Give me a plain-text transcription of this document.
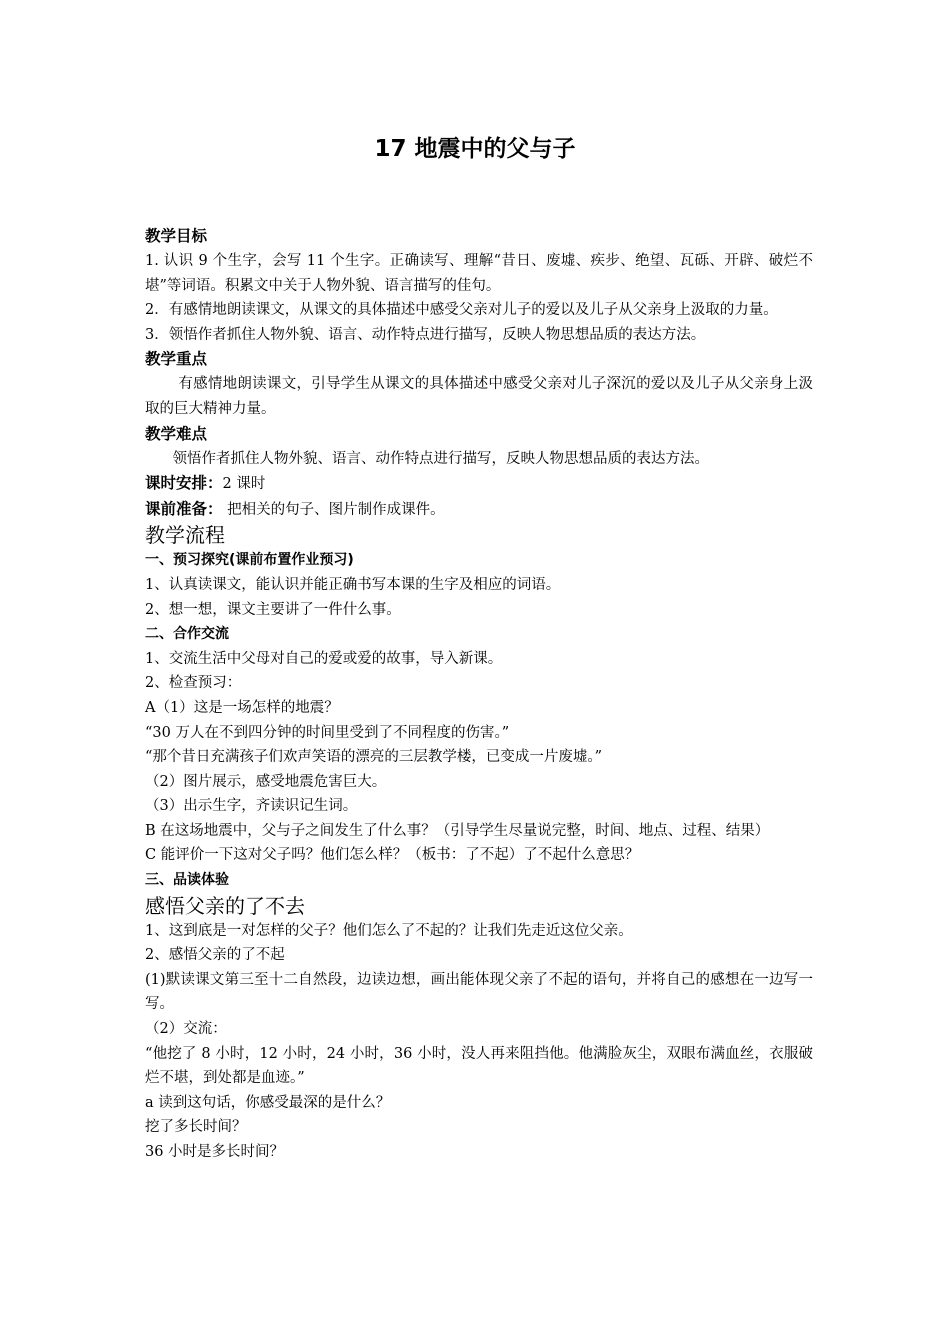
17 地震中的父与子

教学目标

1. 认识 9 个生字，会写 11 个生字。正确读写、理解“昔日、废墟、疾步、绝望、瓦砾、开辟、破烂不堪”等词语。积累文中关于人物外貌、语言描写的佳句。

2．有感情地朗读课文，从课文的具体描述中感受父亲对儿子的爱以及儿子从父亲身上汲取的力量。

3．领悟作者抓住人物外貌、语言、动作特点进行描写，反映人物思想品质的表达方法。

教学重点

有感情地朗读课文，引导学生从课文的具体描述中感受父亲对儿子深沉的爱以及儿子从父亲身上汲取的巨大精神力量。

教学难点

领悟作者抓住人物外貌、语言、动作特点进行描写，反映人物思想品质的表达方法。

课时安排：2 课时

课前准备： 把相关的句子、图片制作成课件。

教学流程

一、预习探究(课前布置作业预习)

1、认真读课文，能认识并能正确书写本课的生字及相应的词语。

2、想一想，课文主要讲了一件什么事。

二、合作交流

1、交流生活中父母对自己的爱或爱的故事，导入新课。

2、检查预习：

A（1）这是一场怎样的地震？

“30 万人在不到四分钟的时间里受到了不同程度的伤害。”

“那个昔日充满孩子们欢声笑语的漂亮的三层教学楼，已变成一片废墟。”

（2）图片展示，感受地震危害巨大。

（3）出示生字，齐读识记生词。

B 在这场地震中，父与子之间发生了什么事？（引导学生尽量说完整，时间、地点、过程、结果）

C 能评价一下这对父子吗？他们怎么样？（板书：了不起）了不起什么意思？

三、品读体验

感悟父亲的了不去

1、这到底是一对怎样的父子？他们怎么了不起的？让我们先走近这位父亲。

2、感悟父亲的了不起

(1)默读课文第三至十二自然段，边读边想，画出能体现父亲了不起的语句，并将自己的感想在一边写一写。

（2）交流：

“他挖了 8 小时，12 小时，24 小时，36 小时，没人再来阻挡他。他满脸灰尘，双眼布满血丝，衣服破烂不堪，到处都是血迹。”

a 读到这句话，你感受最深的是什么？

挖了多长时间？

36 小时是多长时间？
